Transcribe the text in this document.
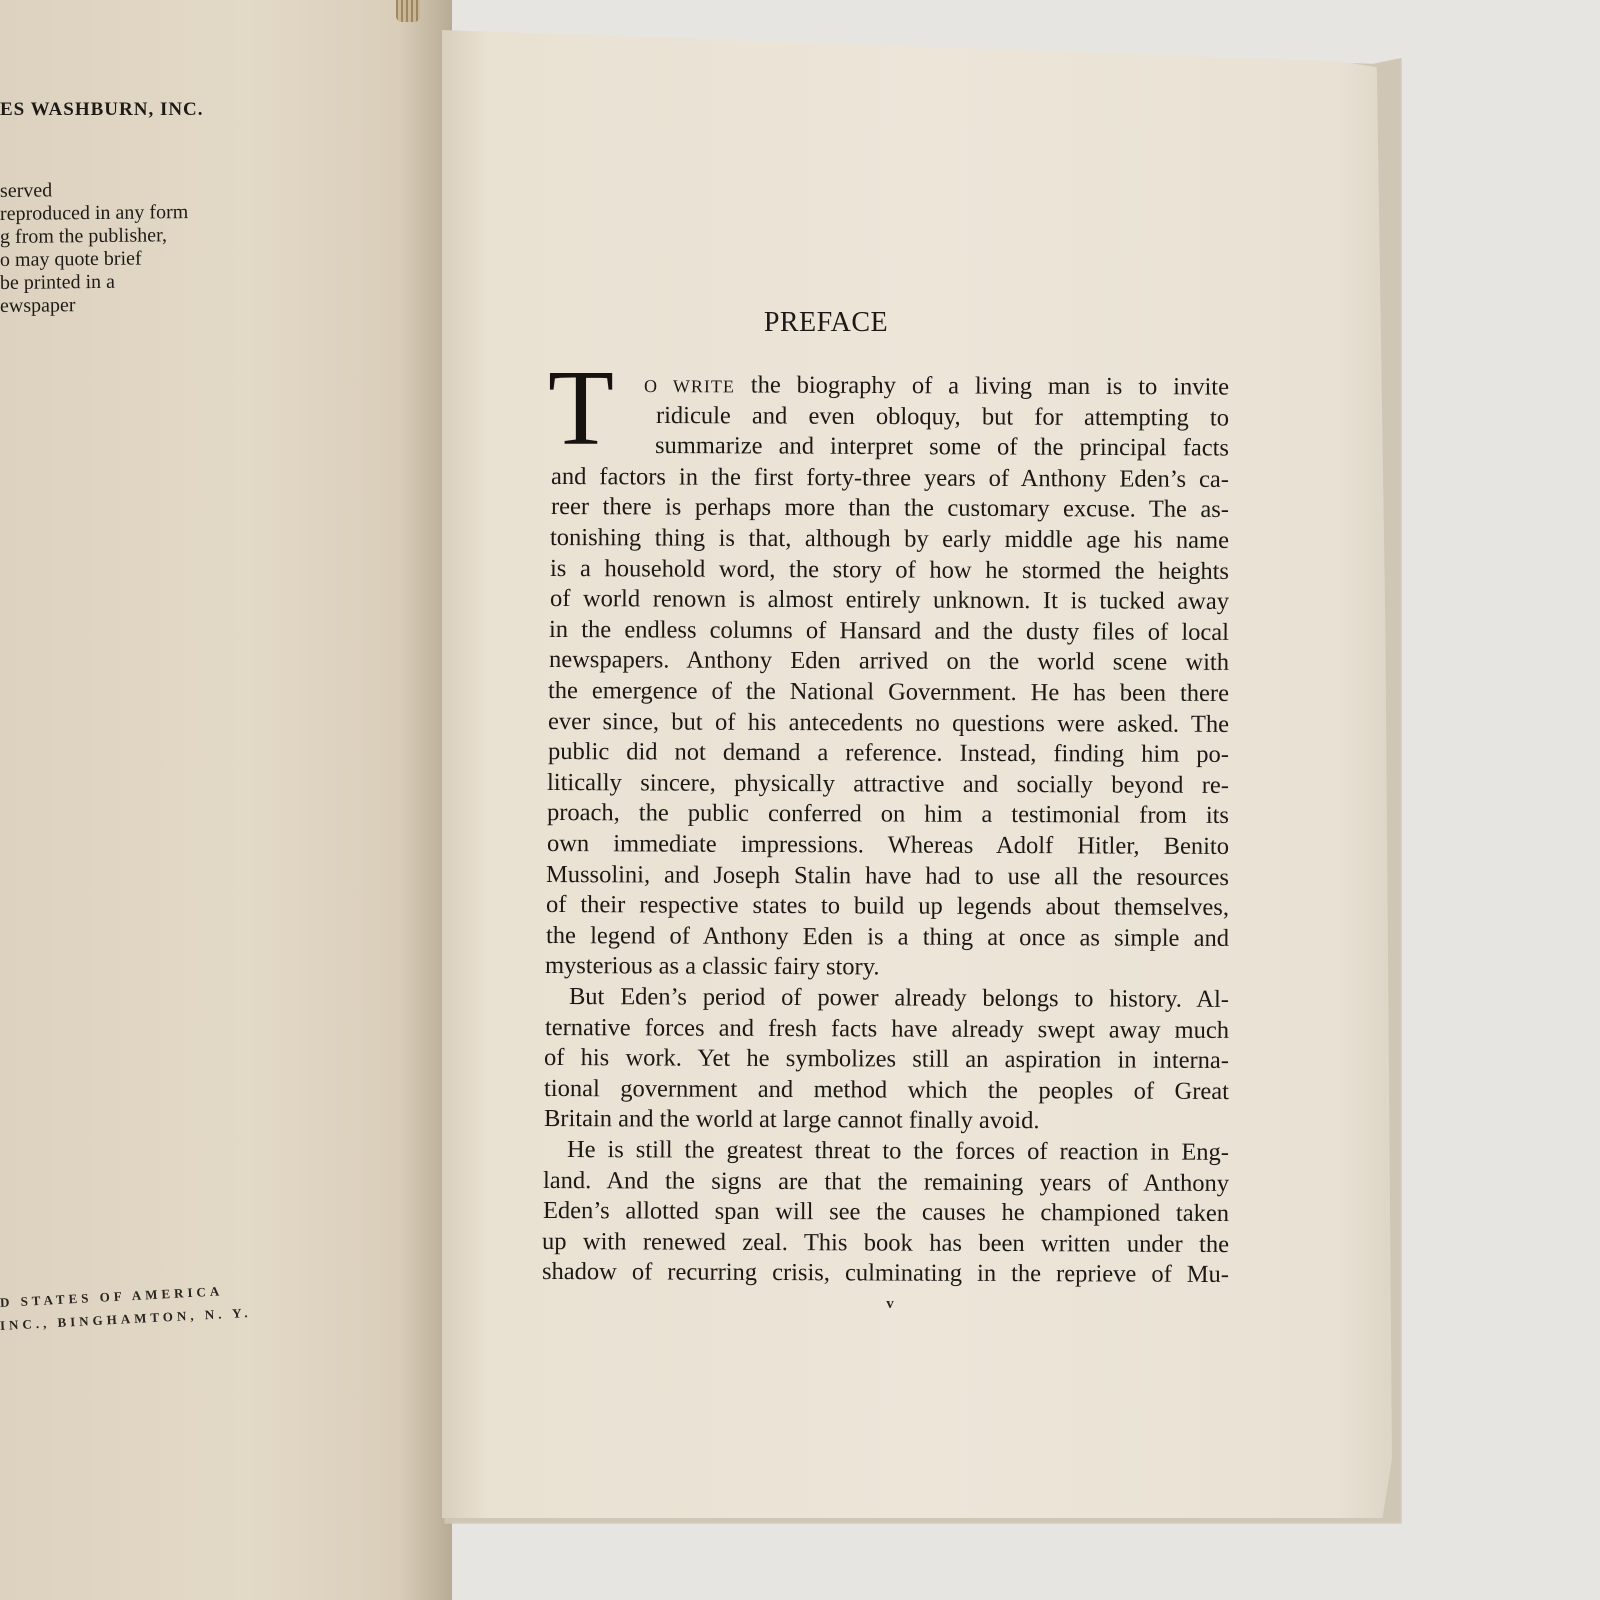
ES WASHBURN, INC.
served
reproduced in any form
g from the publisher,
o may quote brief
be printed in a
ewspaper
D STATES OF AMERICA
INC., BINGHAMTON, N. Y.
PREFACE
T O WRITE the biography of a living man is to invite
ridicule and even obloquy, but for attempting to
summarize and interpret some of the principal facts
and factors in the first forty-three years of Anthony Eden’s ca-
reer there is perhaps more than the customary excuse. The as-
tonishing thing is that, although by early middle age his name
is a household word, the story of how he stormed the heights
of world renown is almost entirely unknown. It is tucked away
in the endless columns of Hansard and the dusty files of local
newspapers. Anthony Eden arrived on the world scene with
the emergence of the National Government. He has been there
ever since, but of his antecedents no questions were asked. The
public did not demand a reference. Instead, finding him po-
litically sincere, physically attractive and socially beyond re-
proach, the public conferred on him a testimonial from its
own immediate impressions. Whereas Adolf Hitler, Benito
Mussolini, and Joseph Stalin have had to use all the resources
of their respective states to build up legends about themselves,
the legend of Anthony Eden is a thing at once as simple and
mysterious as a classic fairy story.
But Eden’s period of power already belongs to history. Al-
ternative forces and fresh facts have already swept away much
of his work. Yet he symbolizes still an aspiration in interna-
tional government and method which the peoples of Great
Britain and the world at large cannot finally avoid.
He is still the greatest threat to the forces of reaction in Eng-
land. And the signs are that the remaining years of Anthony
Eden’s allotted span will see the causes he championed taken
up with renewed zeal. This book has been written under the
shadow of recurring crisis, culminating in the reprieve of Mu-
v
